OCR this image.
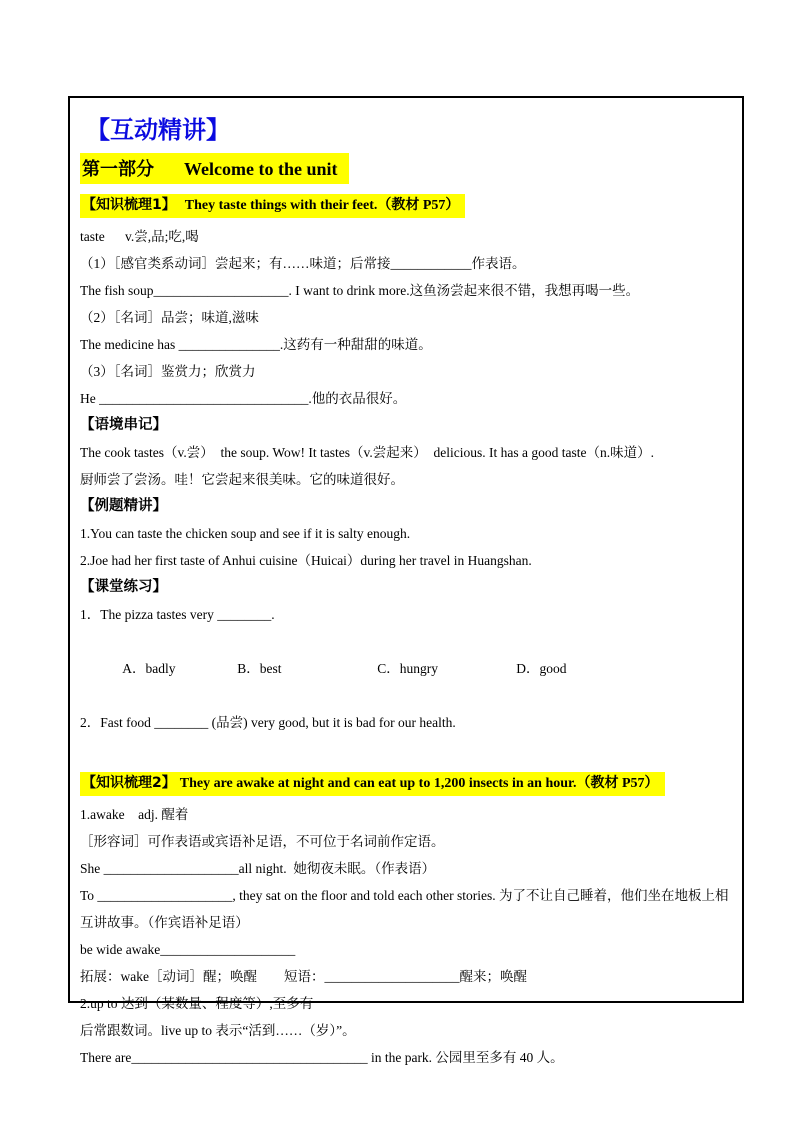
【互动精讲】
第一部分 Welcome to the unit
【知识梳理1】 They taste things with their feet.（教材 P57）

taste      v.尝,品;吃,喝

（1）［感官类系动词］尝起来；有……味道；后常接____________作表语。

The fish soup____________________. I want to drink more.这鱼汤尝起来很不错，我想再喝一些。

（2）［名词］品尝；味道,滋味

The medicine has _______________.这药有一种甜甜的味道。

（3）［名词］鉴赏力；欣赏力

He _______________________________.他的衣品很好。

【语境串记】

The cook tastes（v.尝）  the soup. Wow! It tastes（v.尝起来）  delicious. It has a good taste（n.味道）.

厨师尝了尝汤。哇！它尝起来很美味。它的味道很好。

【例题精讲】

1.You can taste the chicken soup and see if it is salty enough.

2.Joe had her first taste of Anhui cuisine（Huicai）during her travel in Huangshan.

【课堂练习】

1．The pizza tastes very ________.

A．badly	B．best	C．hungry	D．good

2．Fast food ________ (品尝) very good, but it is bad for our health.

【知识梳理2】 They are awake at night and can eat up to 1,200 insects in an hour.（教材 P57）

1.awake    adj. 醒着

［形容词］可作表语或宾语补足语，不可位于名词前作定语。

She ____________________all night.  她彻夜未眠。（作表语）

To ____________________, they sat on the floor and told each other stories. 为了不让自己睡着，他们坐在地板上相互讲故事。（作宾语补足语）

be wide awake____________________

拓展：wake［动词］醒；唤醒        短语：____________________醒来；唤醒

2.up to 达到（某数量、程度等）,至多有

后常跟数词。live up to 表示“活到……（岁）”。

There are___________________________________ in the park. 公园里至多有 40 人。
